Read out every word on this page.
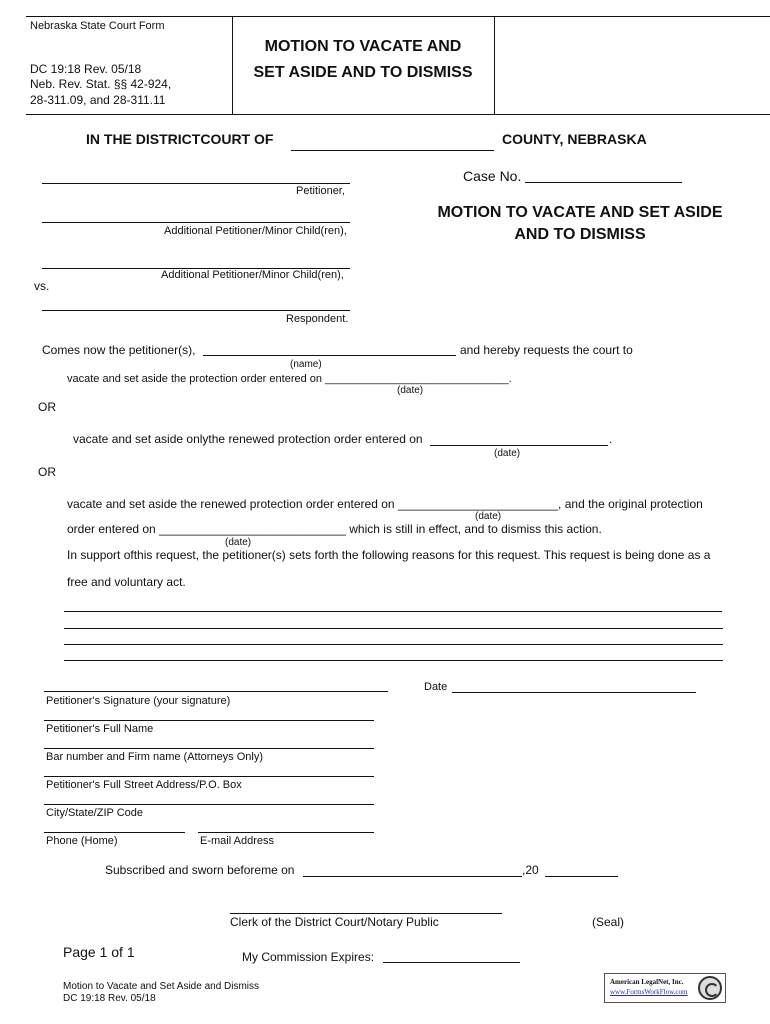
Nebraska State Court Form
DC 19:18 Rev. 05/18
Neb. Rev. Stat. §§ 42-924,
28-311.09, and 28-311.11
MOTION TO VACATE AND
SET ASIDE AND TO DISMISS
IN THE DISTRICTCOURT OF	COUNTY, NEBRASKA
Petitioner,
Additional Petitioner/Minor Child(ren),
Additional Petitioner/Minor Child(ren),
vs.
Respondent.
Case No.
MOTION TO VACATE AND SET ASIDE
AND TO DISMISS
Comes now the petitioner(s),	and hereby requests the court to
(name)
vacate and set aside the protection order entered on ______________________________.
(date)
OR
vacate and set aside onlythe renewed protection order entered on	.
(date)
OR
vacate and set aside the renewed protection order entered on ________________________, and the original protection
(date)
order entered on ____________________________ which is still in effect, and to dismiss this action.
(date)
In support ofthis request, the petitioner(s) sets forth the following reasons for this request. This request is being done as a
free and voluntary act.
Petitioner's Signature (your signature)
Date
Petitioner's Full Name
Bar number and Firm name (Attorneys Only)
Petitioner's Full Street Address/P.O. Box
City/State/ZIP Code
Phone (Home)	E-mail Address
Subscribed and sworn beforeme on	,20
Clerk of the District Court/Notary Public	(Seal)
Page 1 of 1	My Commission Expires:
Motion to Vacate and Set Aside and Dismiss
DC 19:18 Rev. 05/18
American LegalNet, Inc.
www.FormsWorkFlow.com
